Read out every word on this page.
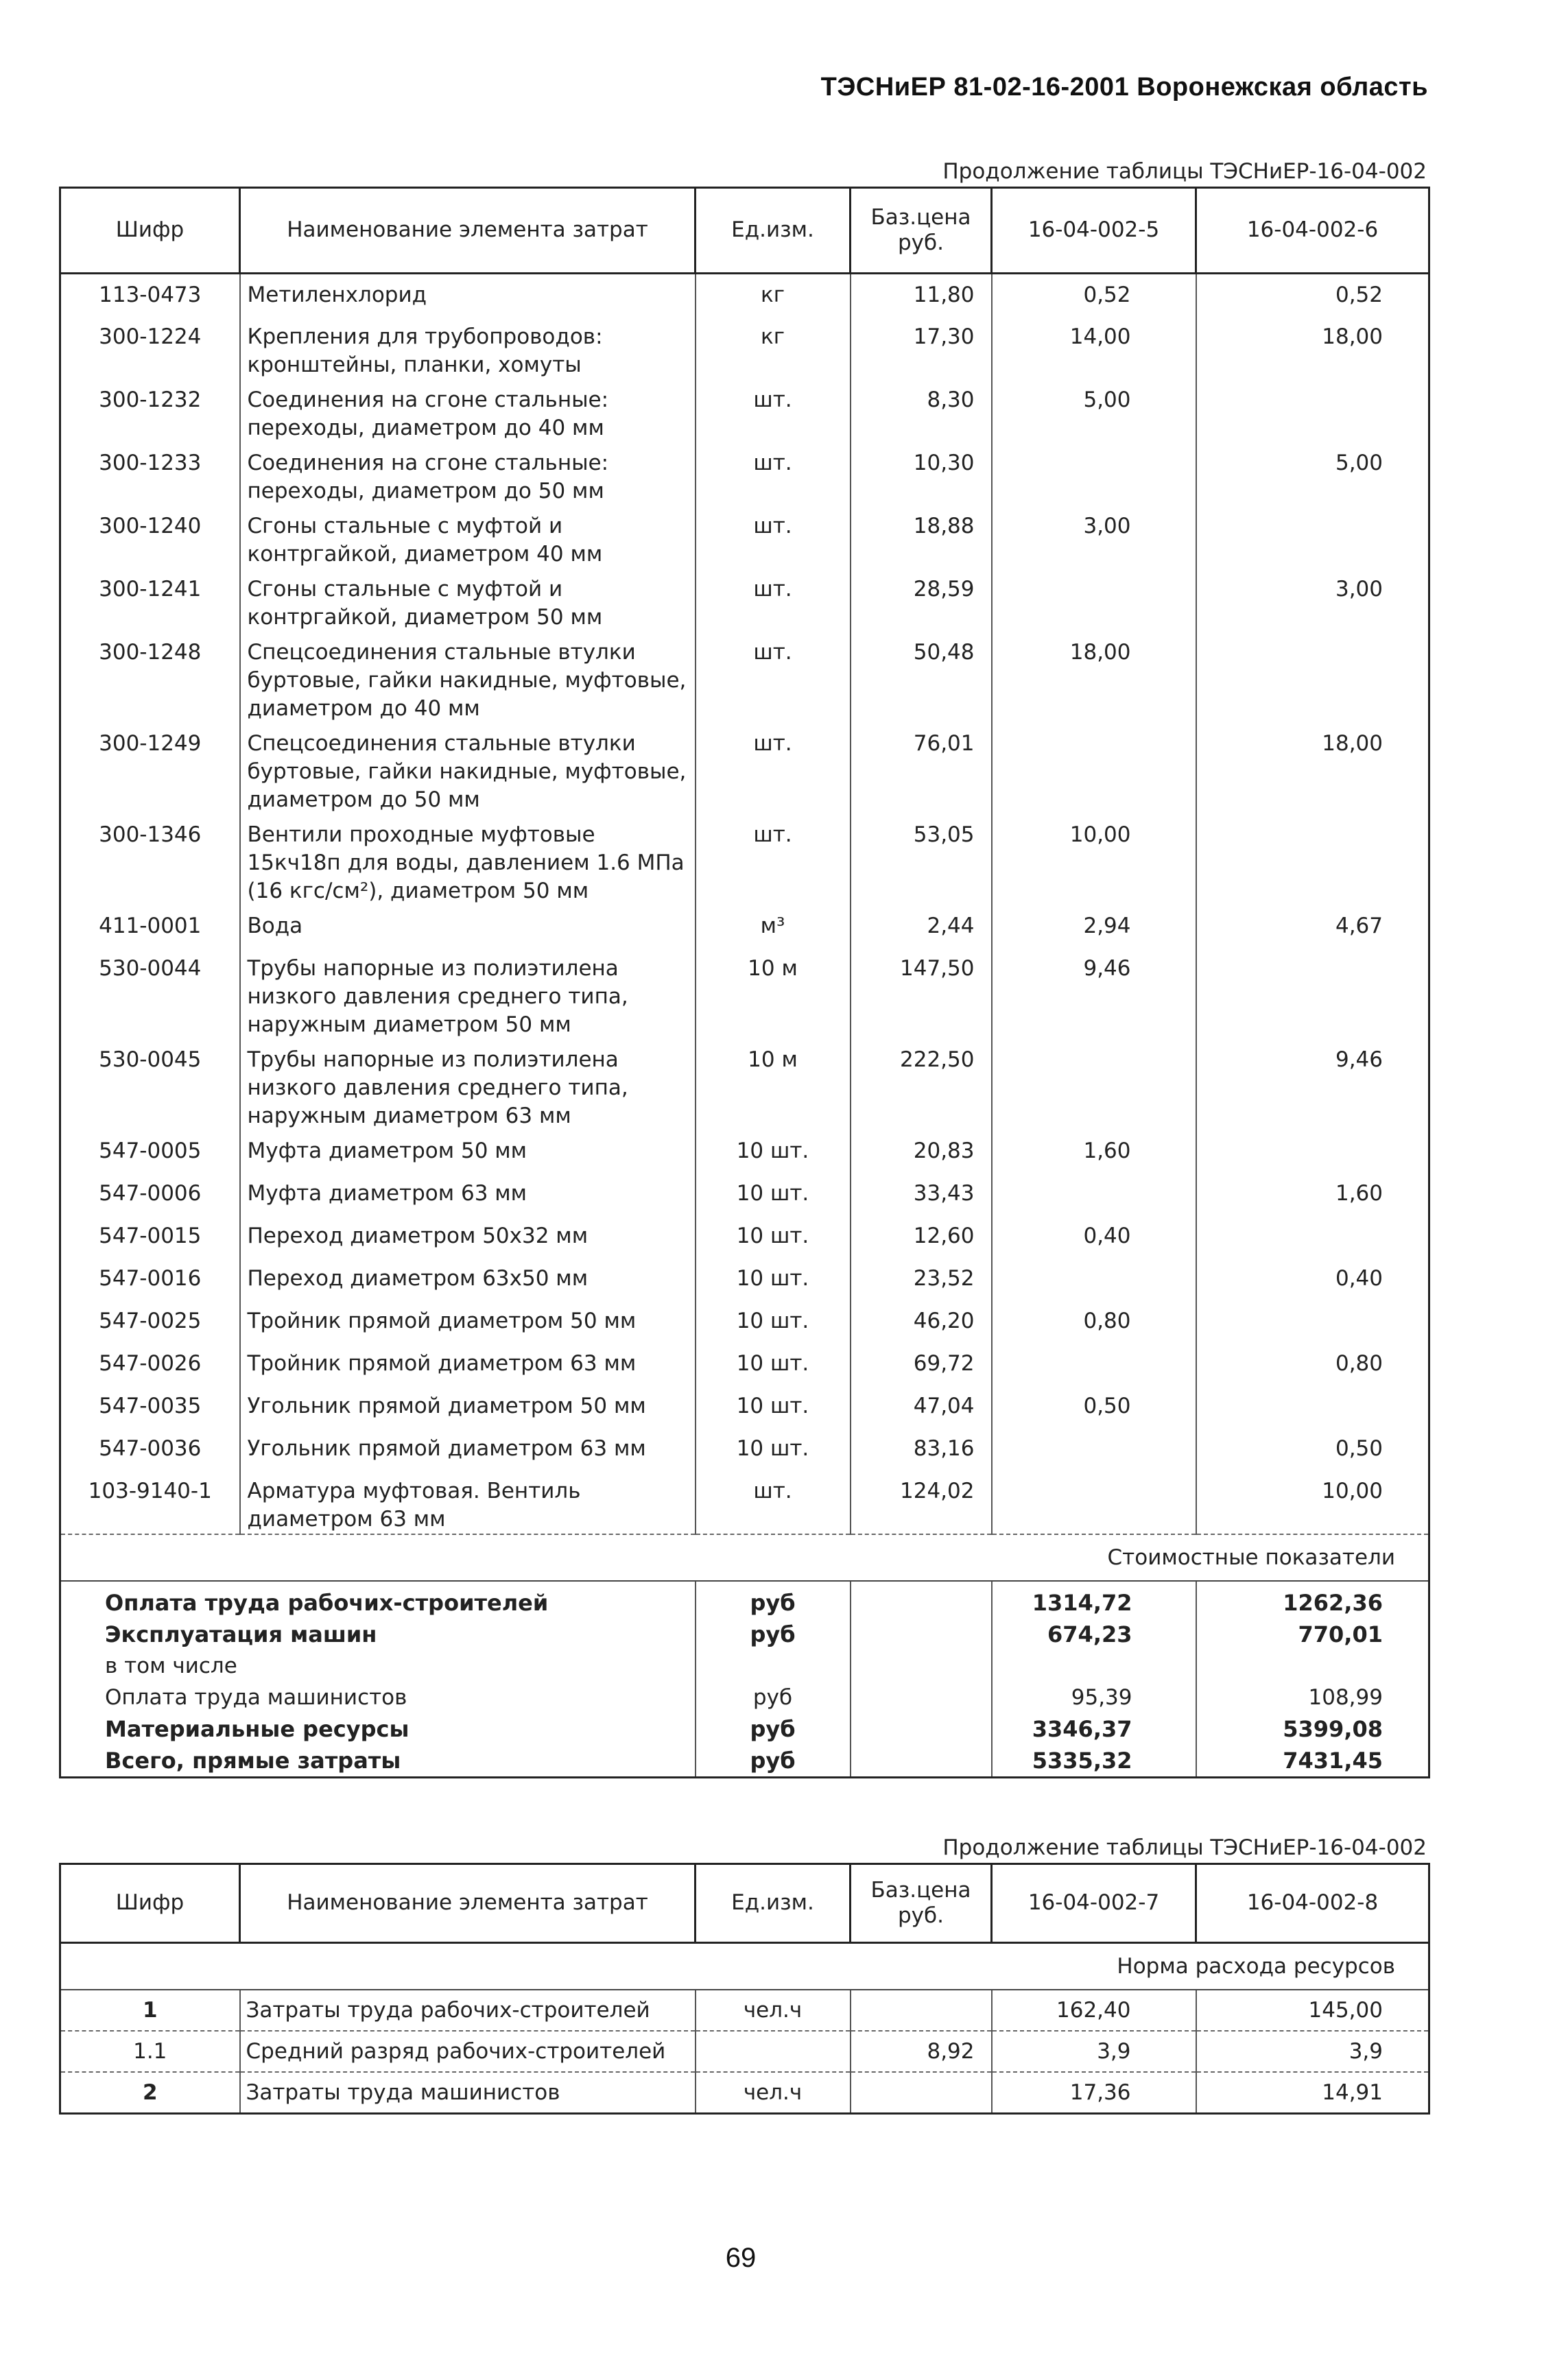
ТЭСНиЕР 81-02-16-2001 Воронежская область
Продолжение таблицы ТЭСНиЕР-16-04-002
Шифр	Наименование элемента затрат	Ед.изм.	Баз.цена руб.	16-04-002-5	16-04-002-6
113-0473	Метиленхлорид	кг	11,80	0,52	0,52
300-1224	Крепления для трубопроводов: кронштейны, планки, хомуты	кг	17,30	14,00	18,00
300-1232	Соединения на сгоне стальные: переходы, диаметром до 40 мм	шт.	8,30	5,00	
300-1233	Соединения на сгоне стальные: переходы, диаметром до 50 мм	шт.	10,30		5,00
300-1240	Сгоны стальные с муфтой и контргайкой, диаметром 40 мм	шт.	18,88	3,00	
300-1241	Сгоны стальные с муфтой и контргайкой, диаметром 50 мм	шт.	28,59		3,00
300-1248	Спецсоединения стальные втулки буртовые, гайки накидные, муфтовые, диаметром до 40 мм	шт.	50,48	18,00	
300-1249	Спецсоединения стальные втулки буртовые, гайки накидные, муфтовые, диаметром до 50 мм	шт.	76,01		18,00
300-1346	Вентили проходные муфтовые 15кч18п для воды, давлением 1.6 МПа (16 кгс/см²), диаметром 50 мм	шт.	53,05	10,00	
411-0001	Вода	м³	2,44	2,94	4,67
530-0044	Трубы напорные из полиэтилена низкого давления среднего типа, наружным диаметром 50 мм	10 м	147,50	9,46	
530-0045	Трубы напорные из полиэтилена низкого давления среднего типа, наружным диаметром 63 мм	10 м	222,50		9,46
547-0005	Муфта диаметром 50 мм	10 шт.	20,83	1,60	
547-0006	Муфта диаметром 63 мм	10 шт.	33,43		1,60
547-0015	Переход диаметром 50x32 мм	10 шт.	12,60	0,40	
547-0016	Переход диаметром 63x50 мм	10 шт.	23,52		0,40
547-0025	Тройник прямой диаметром 50 мм	10 шт.	46,20	0,80	
547-0026	Тройник прямой диаметром 63 мм	10 шт.	69,72		0,80
547-0035	Угольник прямой диаметром 50 мм	10 шт.	47,04	0,50	
547-0036	Угольник прямой диаметром 63 мм	10 шт.	83,16		0,50
103-9140-1	Арматура муфтовая. Вентиль диаметром 63 мм	шт.	124,02		10,00
Стоимостные показатели					
Оплата труда рабочих-строителей		руб		1314,72	1262,36
Эксплуатация машин		руб		674,23	770,01
в том числе					
Оплата труда машинистов		руб		95,39	108,99
Материальные ресурсы		руб		3346,37	5399,08
Всего, прямые затраты		руб		5335,32	7431,45
Продолжение таблицы ТЭСНиЕР-16-04-002
Шифр	Наименование элемента затрат	Ед.изм.	Баз.цена руб.	16-04-002-7	16-04-002-8
Норма расхода ресурсов					
1	Затраты труда рабочих-строителей	чел.ч		162,40	145,00
1.1	Средний разряд рабочих-строителей		8,92	3,9	3,9
2	Затраты труда машинистов	чел.ч		17,36	14,91
69
